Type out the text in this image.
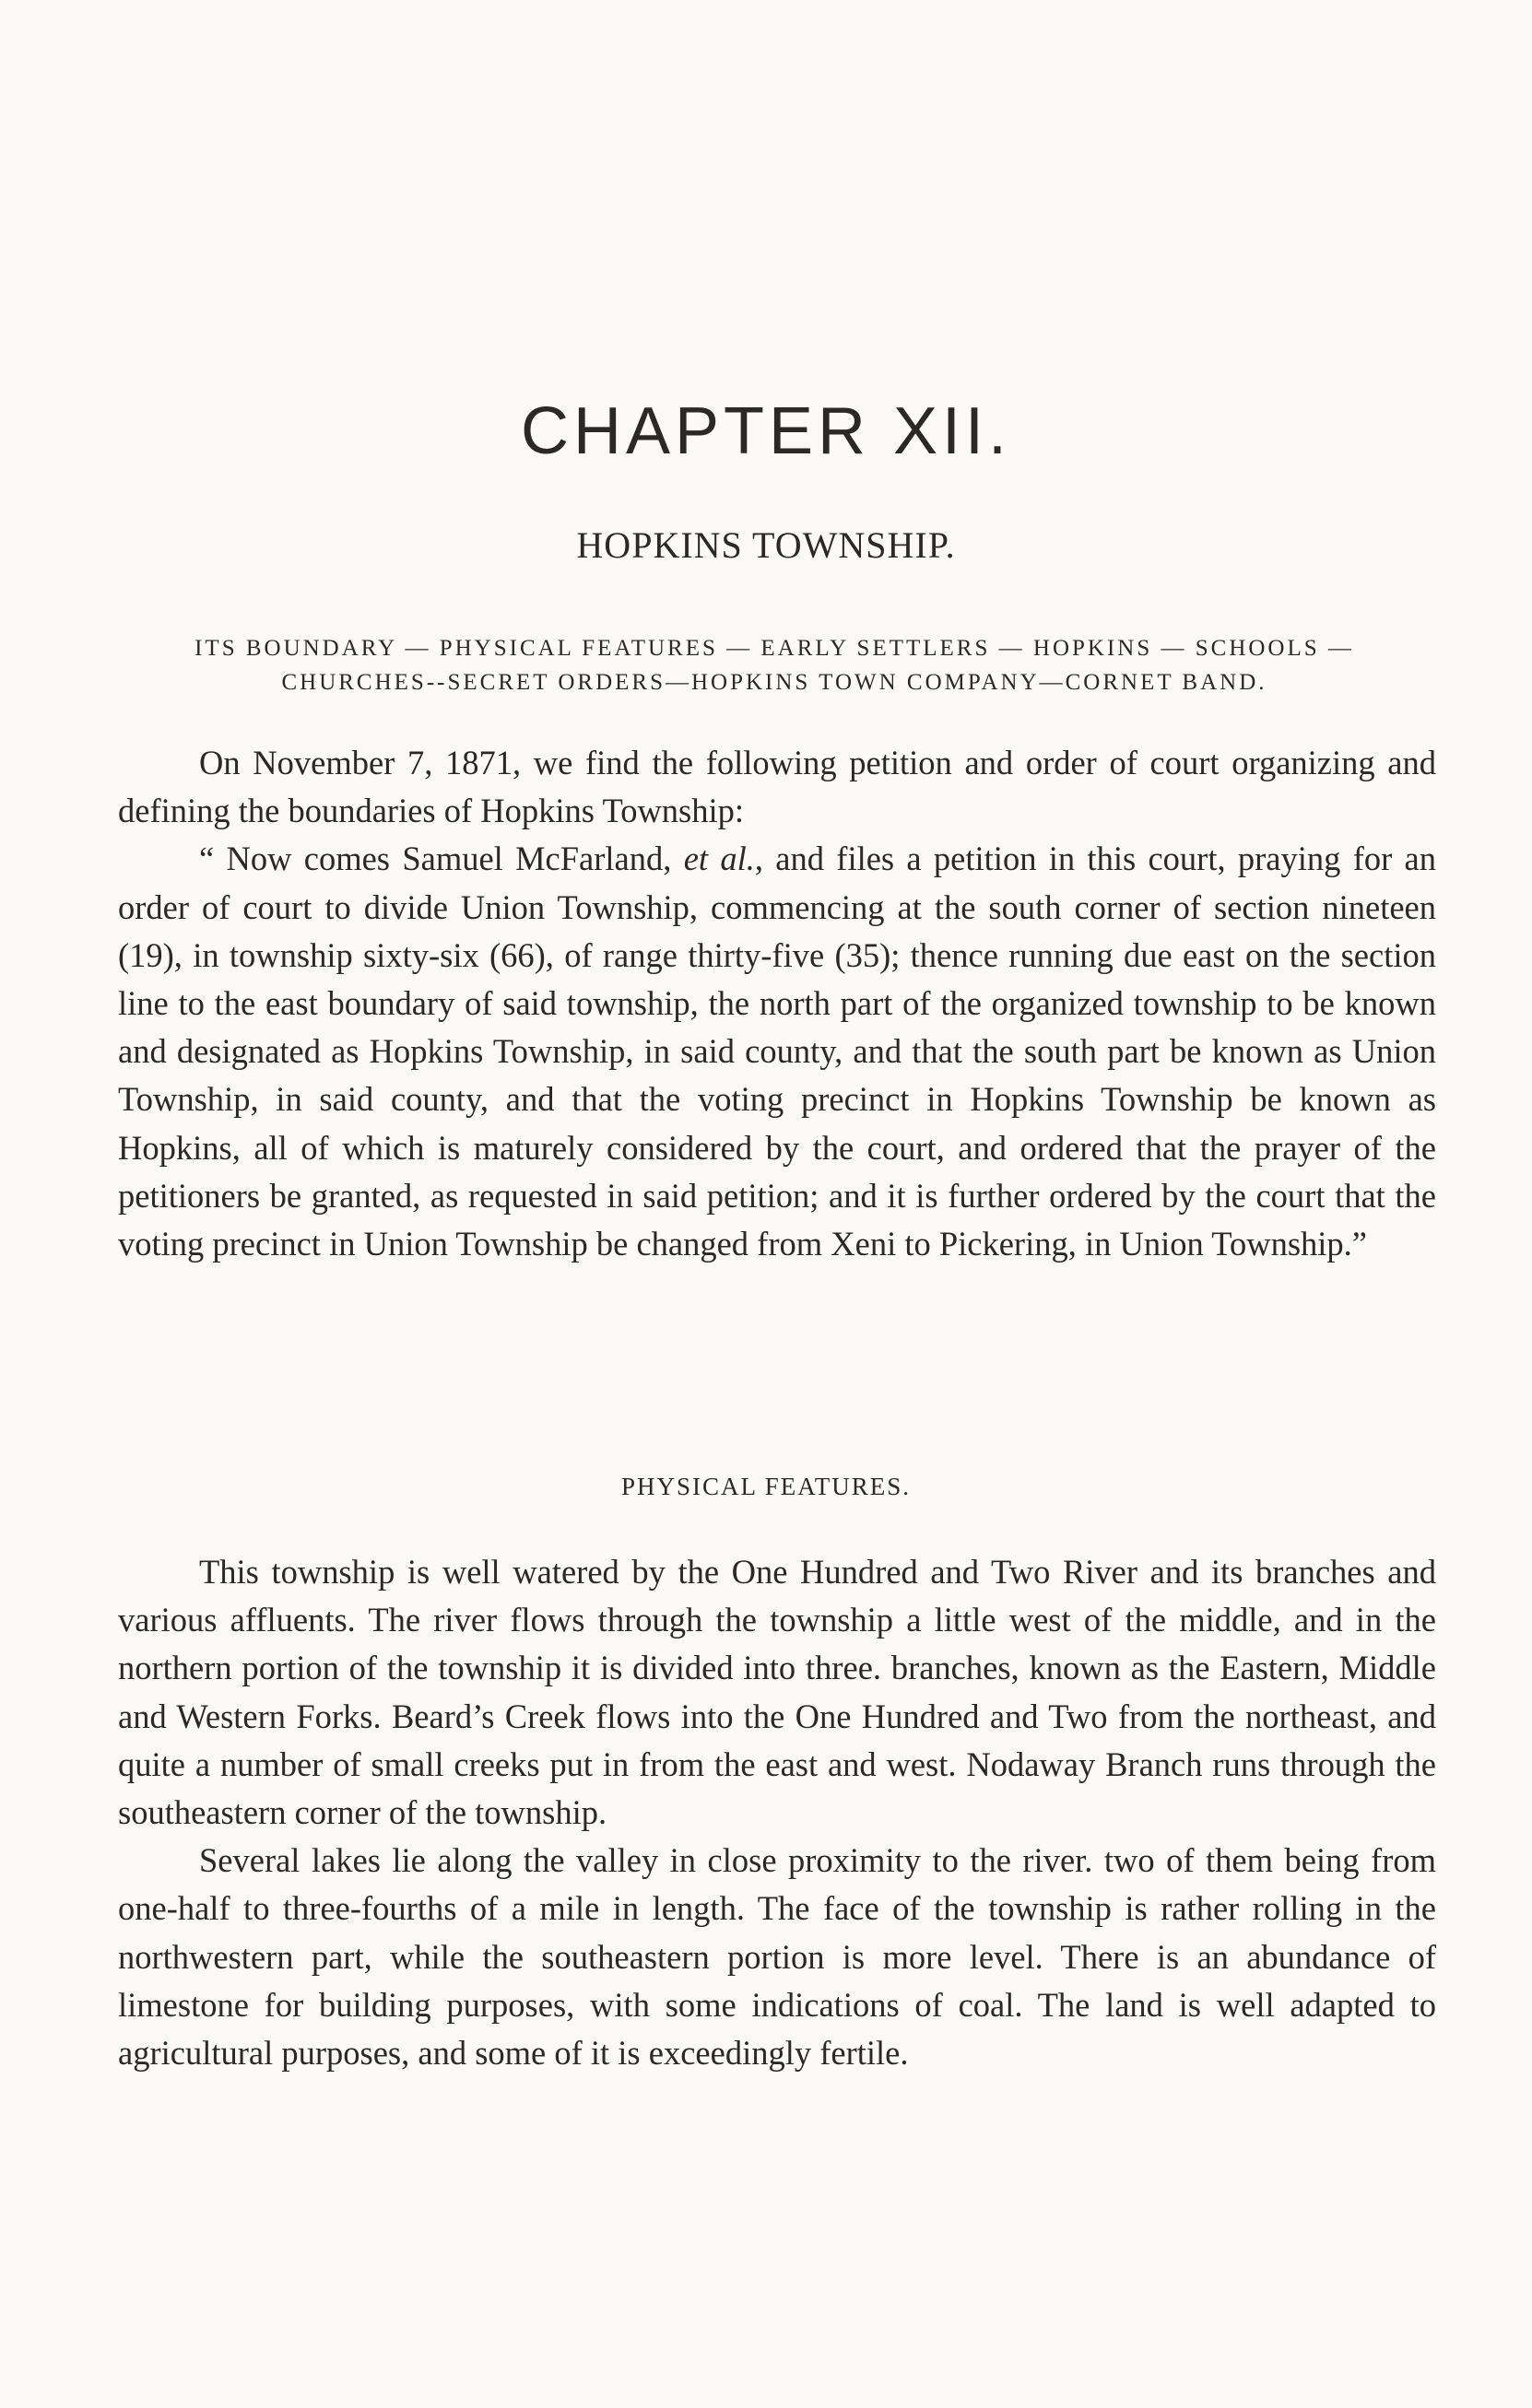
CHAPTER XII.
HOPKINS TOWNSHIP.
ITS BOUNDARY — PHYSICAL FEATURES — EARLY SETTLERS — HOPKINS — SCHOOLS —
CHURCHES--SECRET ORDERS—HOPKINS TOWN COMPANY—CORNET BAND.

On November 7, 1871, we find the following petition and order of court organizing and defining the boundaries of Hopkins Township:

“ Now comes Samuel McFarland, et al., and files a petition in this court, praying for an order of court to divide Union Township, commencing at the south corner of section nineteen (19), in township sixty-six (66), of range thirty-five (35); thence running due east on the section line to the east boundary of said township, the north part of the organized township to be known and designated as Hopkins Township, in said county, and that the south part be known as Union Township, in said county, and that the voting precinct in Hopkins Township be known as Hopkins, all of which is maturely considered by the court, and ordered that the prayer of the petitioners be granted, as requested in said petition; and it is further ordered by the court that the voting precinct in Union Township be changed from Xeni to Pickering, in Union Township.”

PHYSICAL FEATURES.

This township is well watered by the One Hundred and Two River and its branches and various affluents. The river flows through the township a little west of the middle, and in the northern portion of the township it is divided into three. branches, known as the Eastern, Middle and Western Forks. Beard’s Creek flows into the One Hundred and Two from the northeast, and quite a number of small creeks put in from the east and west. Nodaway Branch runs through the southeastern corner of the township.

Several lakes lie along the valley in close proximity to the river. two of them being from one-half to three-fourths of a mile in length. The face of the township is rather rolling in the northwestern part, while the southeastern portion is more level. There is an abundance of limestone for building purposes, with some indications of coal. The land is well adapted to agricultural purposes, and some of it is exceedingly fertile.
